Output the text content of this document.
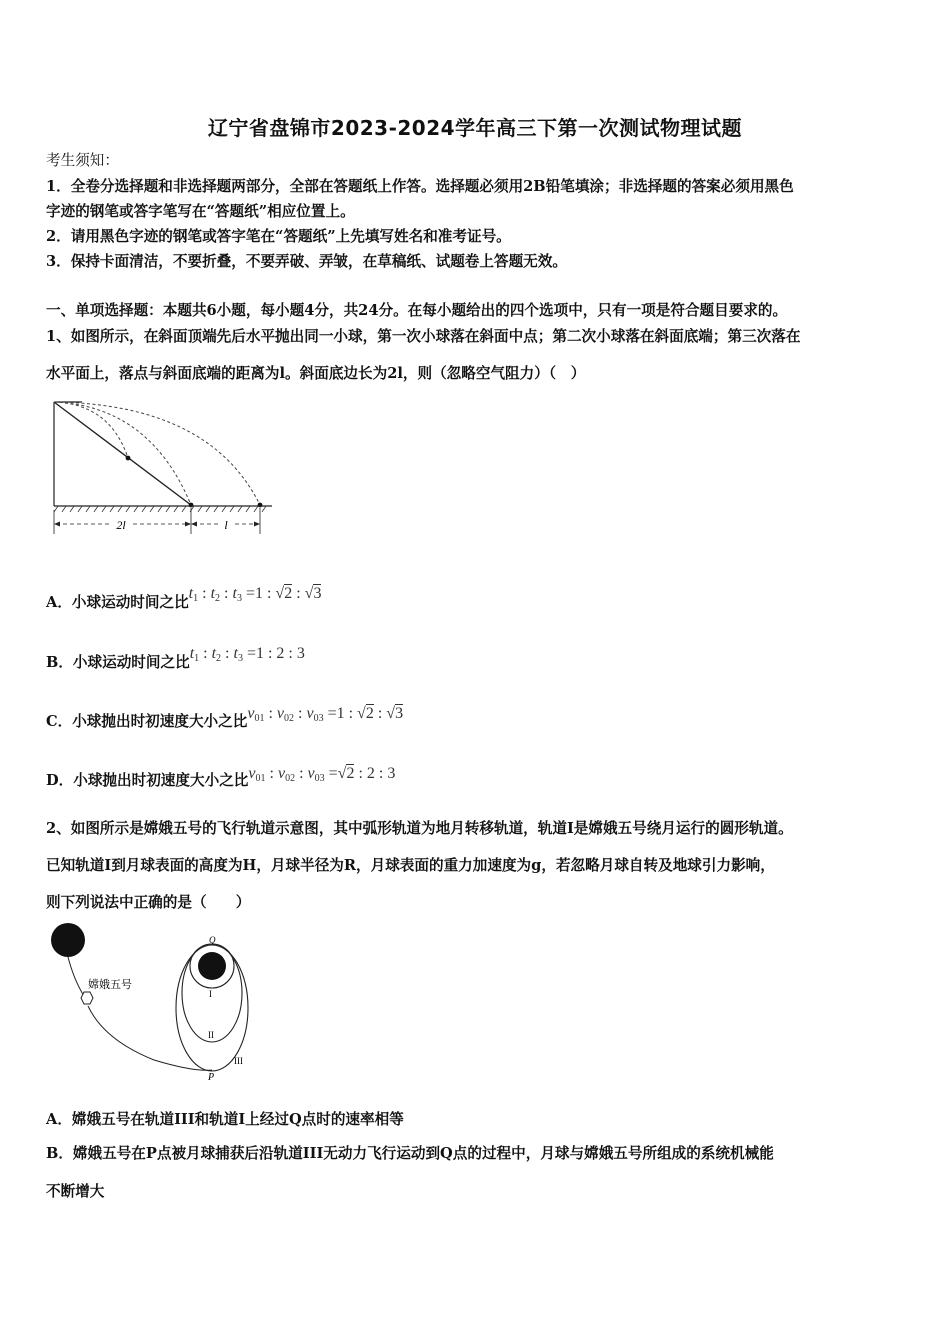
辽宁省盘锦市2023-2024学年高三下第一次测试物理试题
考生须知：
1．全卷分选择题和非选择题两部分，全部在答题纸上作答。选择题必须用2B铅笔填涂；非选择题的答案必须用黑色
字迹的钢笔或答字笔写在“答题纸”相应位置上。
2．请用黑色字迹的钢笔或答字笔在“答题纸”上先填写姓名和准考证号。
3．保持卡面清洁，不要折叠，不要弄破、弄皱，在草稿纸、试题卷上答题无效。
一、单项选择题：本题共6小题，每小题4分，共24分。在每小题给出的四个选项中，只有一项是符合题目要求的。
1、如图所示，在斜面顶端先后水平抛出同一小球，第一次小球落在斜面中点；第二次小球落在斜面底端；第三次落在
水平面上，落点与斜面底端的距离为l。斜面底边长为2l，则（忽略空气阻力）（　）
2l	l
A．小球运动时间之比$t_1$ : $t_2$ : $t_3 =1$ : √2 : √3
B．小球运动时间之比$t_1$ : $t_2$ : $t_3 =1$ : 2 : 3
C．小球抛出时初速度大小之比$v_{01}$ : $v_{02}$ : $v_{03} =1$ : √2 : √3
D．小球抛出时初速度大小之比$v_{01}$ : $v_{02}$ : $v_{03} =√2$ : 2 : 3
2、如图所示是嫦娥五号的飞行轨道示意图，其中弧形轨道为地月转移轨道，轨道I是嫦娥五号绕月运行的圆形轨道。
已知轨道I到月球表面的高度为H，月球半径为R，月球表面的重力加速度为g，若忽略月球自转及地球引力影响，
则下列说法中正确的是（　　）
嫦娥五号
Q
P
I
II
III
A．嫦娥五号在轨道III和轨道I上经过Q点时的速率相等
B．嫦娥五号在P点被月球捕获后沿轨道III无动力飞行运动到Q点的过程中，月球与嫦娥五号所组成的系统机械能
不断增大
